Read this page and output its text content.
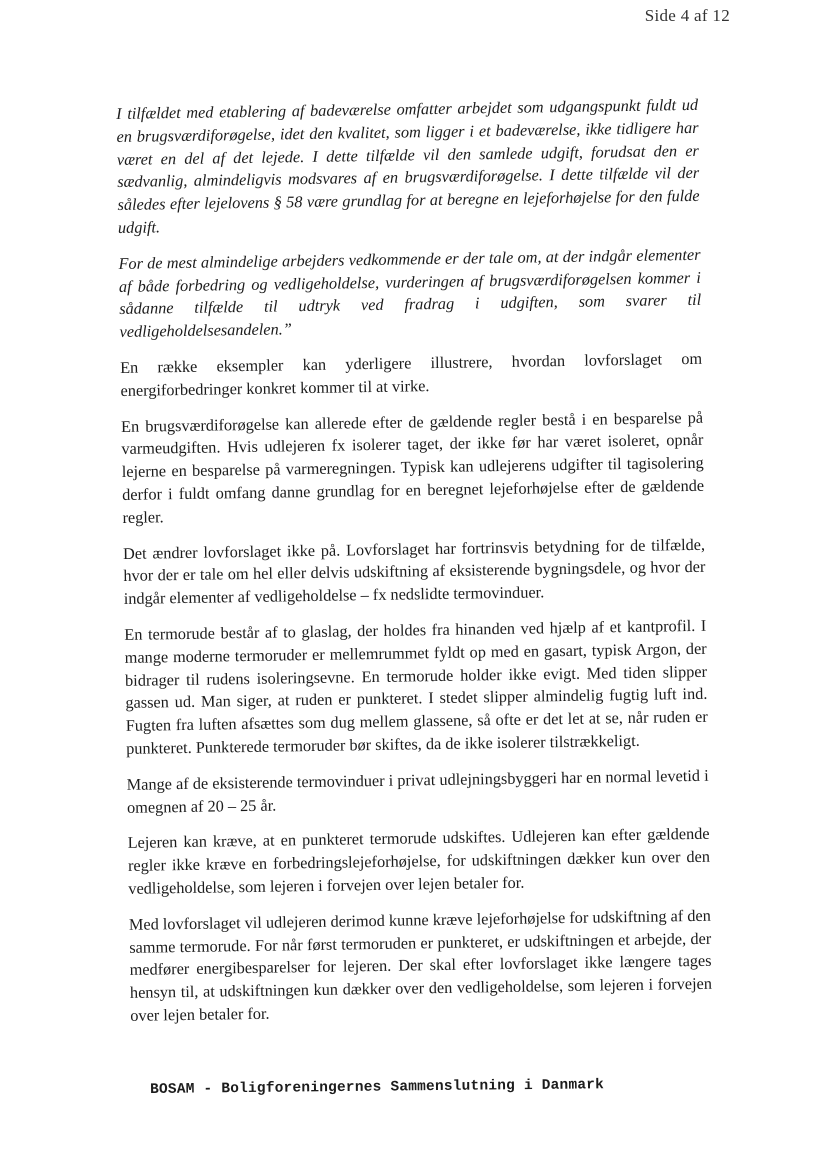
Side 4 af 12

I tilfældet med etablering af badeværelse omfatter arbejdet som udgangspunkt fuldt ud en brugsværdiforøgelse, idet den kvalitet, som ligger i et badeværelse, ikke tidligere har været en del af det lejede. I dette tilfælde vil den samlede udgift, forudsat den er sædvanlig, almindeligvis modsvares af en brugsværdiforøgelse. I dette tilfælde vil der således efter lejelovens § 58 være grundlag for at beregne en lejeforhøjelse for den fulde udgift.

For de mest almindelige arbejders vedkommende er der tale om, at der indgår elementer af både forbedring og vedligeholdelse, vurderingen af brugsværdiforøgelsen kommer i sådanne tilfælde til udtryk ved fradrag i udgiften, som svarer til vedligeholdelsesandelen.”

En række eksempler kan yderligere illustrere, hvordan lovforslaget om energiforbedringer konkret kommer til at virke.

En brugsværdiforøgelse kan allerede efter de gældende regler bestå i en besparelse på varmeudgiften. Hvis udlejeren fx isolerer taget, der ikke før har været isoleret, opnår lejerne en besparelse på varmeregningen. Typisk kan udlejerens udgifter til tagisolering derfor i fuldt omfang danne grundlag for en beregnet lejeforhøjelse efter de gældende regler.

Det ændrer lovforslaget ikke på. Lovforslaget har fortrinsvis betydning for de tilfælde, hvor der er tale om hel eller delvis udskiftning af eksisterende bygningsdele, og hvor der indgår elementer af vedligeholdelse – fx nedslidte termovinduer.

En termorude består af to glaslag, der holdes fra hinanden ved hjælp af et kantprofil. I mange moderne termoruder er mellemrummet fyldt op med en gasart, typisk Argon, der bidrager til rudens isoleringsevne. En termorude holder ikke evigt. Med tiden slipper gassen ud. Man siger, at ruden er punkteret. I stedet slipper almindelig fugtig luft ind. Fugten fra luften afsættes som dug mellem glassene, så ofte er det let at se, når ruden er punkteret. Punkterede termoruder bør skiftes, da de ikke isolerer tilstrækkeligt.

Mange af de eksisterende termovinduer i privat udlejningsbyggeri har en normal levetid i omegnen af 20 – 25 år.

Lejeren kan kræve, at en punkteret termorude udskiftes. Udlejeren kan efter gældende regler ikke kræve en forbedringslejeforhøjelse, for udskiftningen dækker kun over den vedligeholdelse, som lejeren i forvejen over lejen betaler for.

Med lovforslaget vil udlejeren derimod kunne kræve lejeforhøjelse for udskiftning af den samme termorude. For når først termoruden er punkteret, er udskiftningen et arbejde, der medfører energibesparelser for lejeren. Der skal efter lovforslaget ikke længere tages hensyn til, at udskiftningen kun dækker over den vedligeholdelse, som lejeren i forvejen over lejen betaler for.

BOSAM - Boligforeningernes Sammenslutning i Danmark
